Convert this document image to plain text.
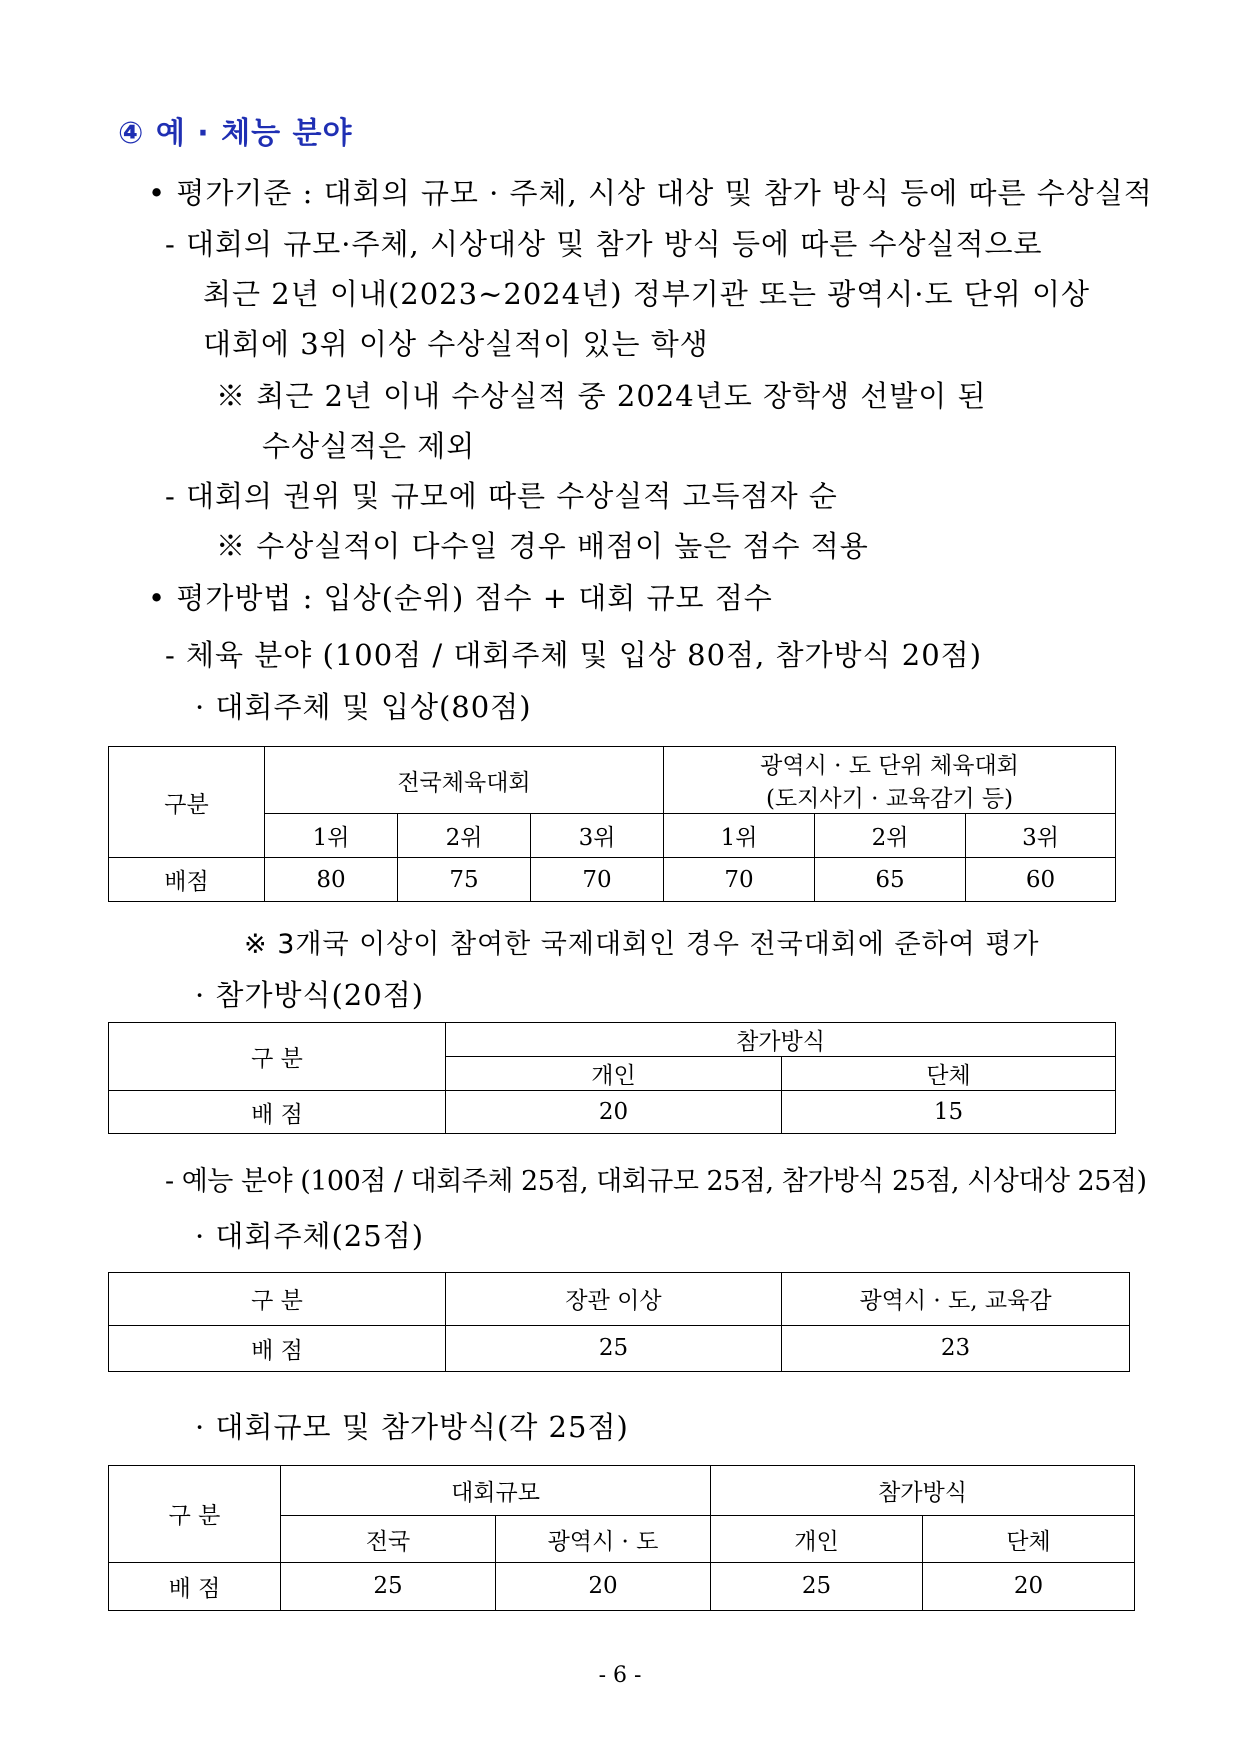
④ 예 · 체능 분야
• 평가기준 : 대회의 규모 · 주체, 시상 대상 및 참가 방식 등에 따른 수상실적
- 대회의 규모·주체, 시상대상 및 참가 방식 등에 따른 수상실적으로
최근 2년 이내(2023~2024년) 정부기관 또는 광역시·도 단위 이상
대회에 3위 이상 수상실적이 있는 학생
※ 최근 2년 이내 수상실적 중 2024년도 장학생 선발이 된
수상실적은 제외
- 대회의 권위 및 규모에 따른 수상실적 고득점자 순
※ 수상실적이 다수일 경우 배점이 높은 점수 적용
• 평가방법 : 입상(순위) 점수 + 대회 규모 점수
- 체육 분야 (100점 / 대회주체 및 입상 80점, 참가방식 20점)
· 대회주체 및 입상(80점)
구분	전국체육대회			광역시 · 도 단위 체육대회
(도지사기 · 교육감기 등)		

	1위	2위	3위	1위	2위	3위
배점	80	75	70	70	65	60
※ 3개국 이상이 참여한 국제대회인 경우 전국대회에 준하여 평가
· 참가방식(20점)
구 분	참가방식	
	개인	단체
배 점	20	15
- 예능 분야 (100점 / 대회주체 25점, 대회규모 25점, 참가방식 25점, 시상대상 25점)
· 대회주체(25점)
구 분	장관 이상	광역시 · 도, 교육감
배 점	25	23
· 대회규모 및 참가방식(각 25점)
구 분	대회규모		참가방식	
	전국	광역시 · 도	개인	단체
배 점	25	20	25	20
- 6 -
